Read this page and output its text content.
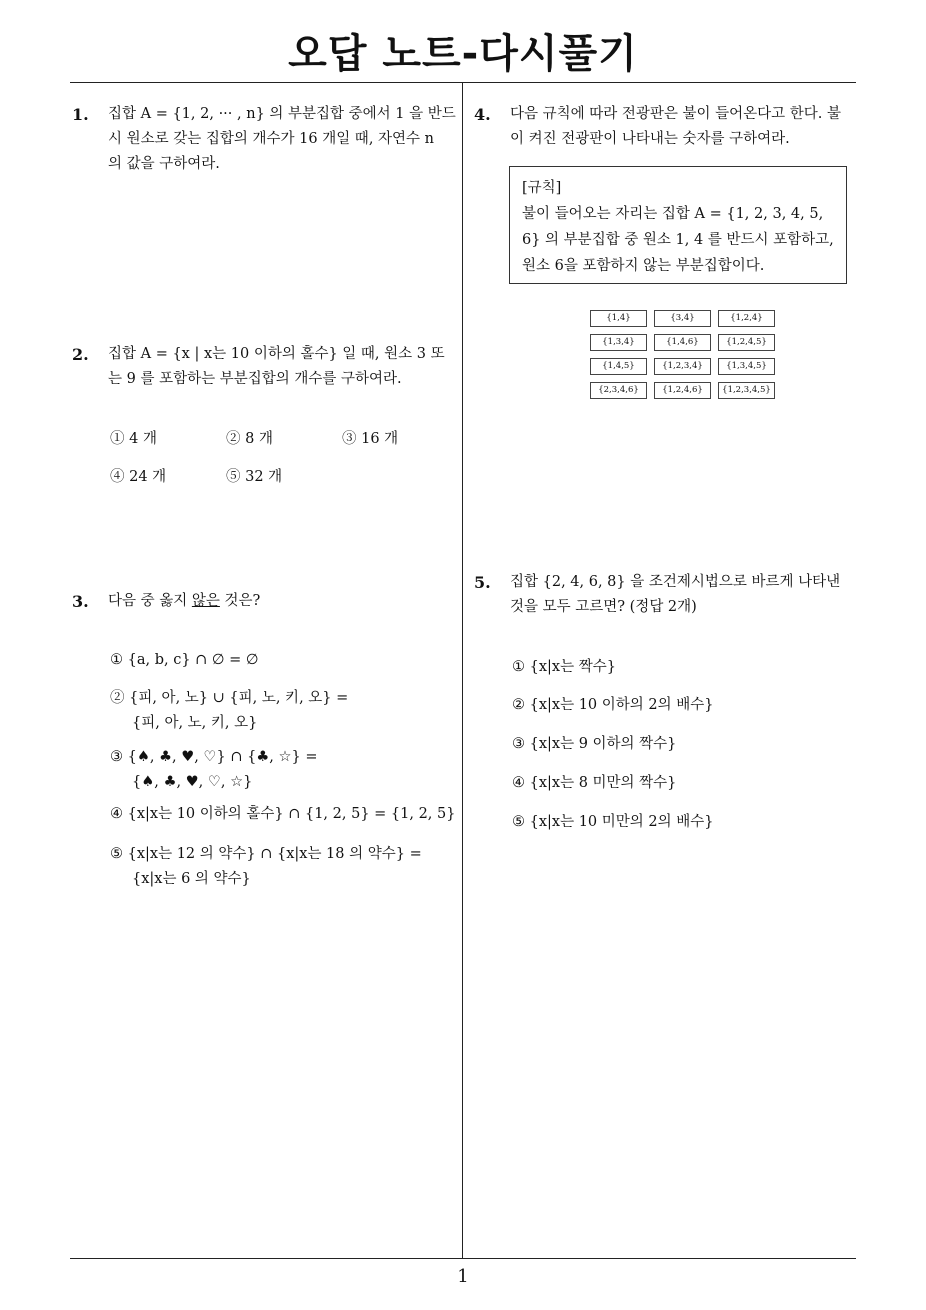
오답 노트-다시풀기
1. 집합 A = {1, 2, ··· , n} 의 부분집합 중에서 1 을 반드
시 원소로 갖는 집합의 개수가 16 개일 때, 자연수 n
의 값을 구하여라.
2. 집합 A = {x | x는 10 이하의 홀수} 일 때, 원소 3 또
는 9 를 포함하는 부분집합의 개수를 구하여라.
① 4 개	② 8 개	③ 16 개
④ 24 개	⑤ 32 개
3. 다음 중 옳지 않은 것은?
① {a, b, c} ∩ ∅ = ∅
② {피, 아, 노} ∪ {피, 노, 키, 오} =
{피, 아, 노, 키, 오}
③ {♠, ♣, ♥, ♡} ∩ {♣, ☆} =
{♠, ♣, ♥, ♡, ☆}
④ {x|x는 10 이하의 홀수} ∩ {1, 2, 5} = {1, 2, 5}
⑤ {x|x는 12 의 약수} ∩ {x|x는 18 의 약수} =
{x|x는 6 의 약수}
4. 다음 규칙에 따라 전광판은 불이 들어온다고 한다. 불
이 켜진 전광판이 나타내는 숫자를 구하여라.
[규칙]
불이 들어오는 자리는 집합 A = {1, 2, 3, 4, 5,
6} 의 부분집합 중 원소 1, 4 를 반드시 포함하고,
원소 6을 포함하지 않는 부분집합이다.
{1,4}	{3,4}	{1,2,4}
{1,3,4}	{1,4,6}	{1,2,4,5}
{1,4,5}	{1,2,3,4}	{1,3,4,5}
{2,3,4,6}	{1,2,4,6}	{1,2,3,4,5}
5. 집합 {2, 4, 6, 8} 을 조건제시법으로 바르게 나타낸
것을 모두 고르면? (정답 2개)
① {x|x는 짝수}
② {x|x는 10 이하의 2의 배수}
③ {x|x는 9 이하의 짝수}
④ {x|x는 8 미만의 짝수}
⑤ {x|x는 10 미만의 2의 배수}
1
